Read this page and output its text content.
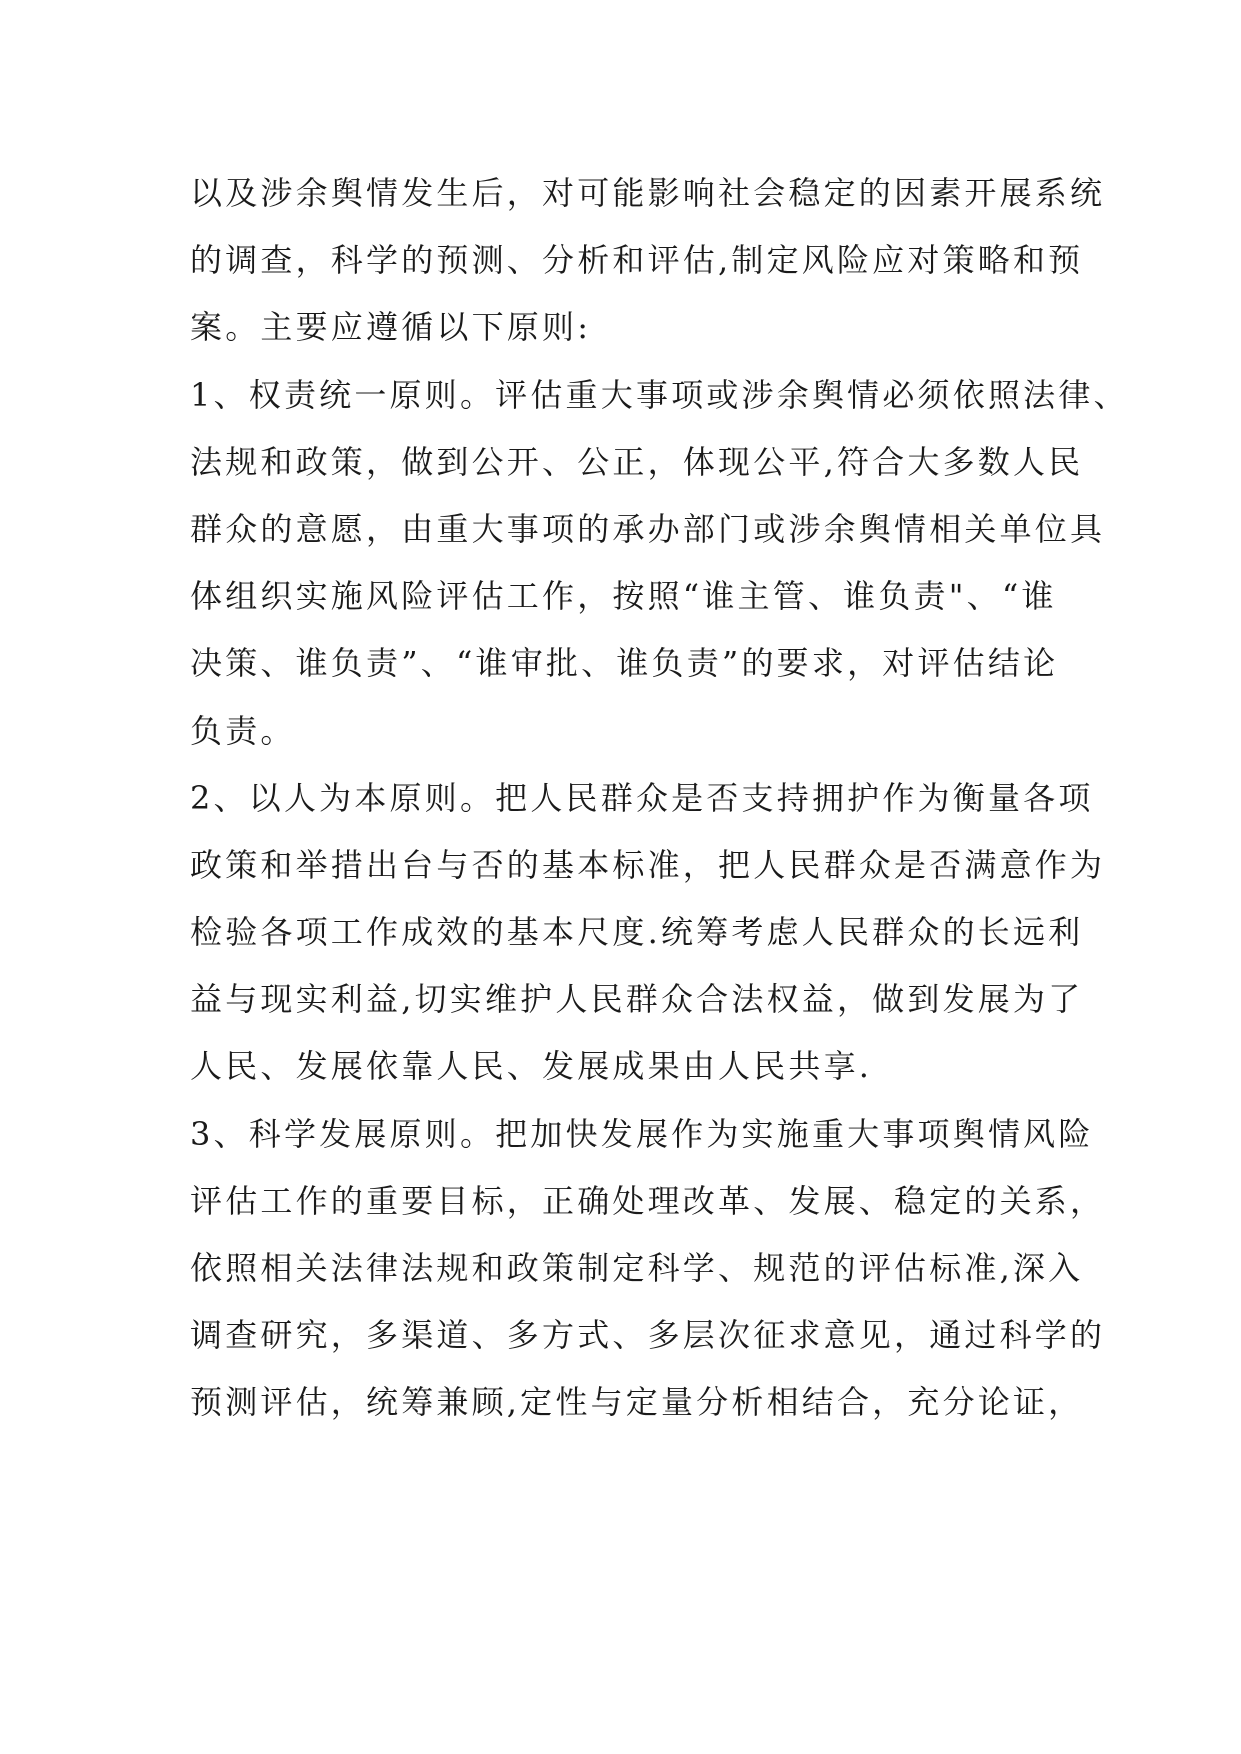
以及涉余舆情发生后，对可能影响社会稳定的因素开展系统
的调查，科学的预测、分析和评估,制定风险应对策略和预
案。主要应遵循以下原则:
1、权责统一原则。评估重大事项或涉余舆情必须依照法律、
法规和政策，做到公开、公正，体现公平,符合大多数人民
群众的意愿，由重大事项的承办部门或涉余舆情相关单位具
体组织实施风险评估工作，按照“谁主管、谁负责"、“谁
决策、谁负责”、“谁审批、谁负责”的要求，对评估结论
负责。
2、以人为本原则。把人民群众是否支持拥护作为衡量各项
政策和举措出台与否的基本标准，把人民群众是否满意作为
检验各项工作成效的基本尺度.统筹考虑人民群众的长远利
益与现实利益,切实维护人民群众合法权益，做到发展为了
人民、发展依靠人民、发展成果由人民共享.
3、科学发展原则。把加快发展作为实施重大事项舆情风险
评估工作的重要目标，正确处理改革、发展、稳定的关系，
依照相关法律法规和政策制定科学、规范的评估标准,深入
调查研究，多渠道、多方式、多层次征求意见，通过科学的
预测评估，统筹兼顾,定性与定量分析相结合，充分论证，
